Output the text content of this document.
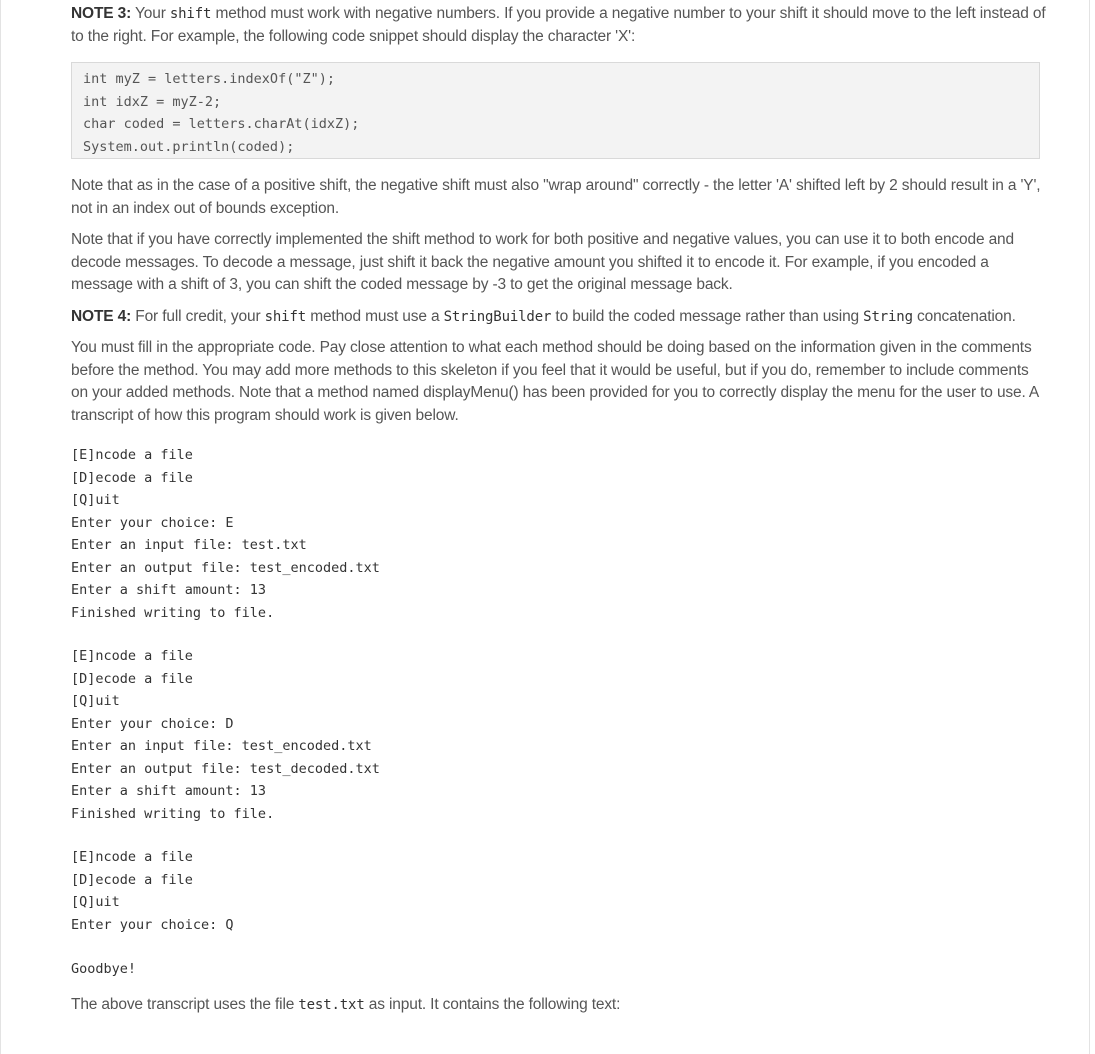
NOTE 3: Your shift method must work with negative numbers. If you provide a negative number to your shift it should move to the left instead of to the right. For example, the following code snippet should display the character 'X':

int myZ = letters.indexOf("Z");
int idxZ = myZ-2;
char coded = letters.charAt(idxZ);
System.out.println(coded);

Note that as in the case of a positive shift, the negative shift must also "wrap around" correctly - the letter 'A' shifted left by 2 should result in a 'Y', not in an index out of bounds exception.

Note that if you have correctly implemented the shift method to work for both positive and negative values, you can use it to both encode and decode messages. To decode a message, just shift it back the negative amount you shifted it to encode it. For example, if you encoded a message with a shift of 3, you can shift the coded message by -3 to get the original message back.

NOTE 4: For full credit, your shift method must use a StringBuilder to build the coded message rather than using String concatenation.

You must fill in the appropriate code. Pay close attention to what each method should be doing based on the information given in the comments before the method. You may add more methods to this skeleton if you feel that it would be useful, but if you do, remember to include comments on your added methods. Note that a method named displayMenu() has been provided for you to correctly display the menu for the user to use. A transcript of how this program should work is given below.

[E]ncode a file
[D]ecode a file
[Q]uit
Enter your choice: E
Enter an input file: test.txt
Enter an output file: test_encoded.txt
Enter a shift amount: 13
Finished writing to file.
[E]ncode a file
[D]ecode a file
[Q]uit
Enter your choice: D
Enter an input file: test_encoded.txt
Enter an output file: test_decoded.txt
Enter a shift amount: 13
Finished writing to file.
[E]ncode a file
[D]ecode a file
[Q]uit
Enter your choice: Q
Goodbye!

The above transcript uses the file test.txt as input. It contains the following text:
